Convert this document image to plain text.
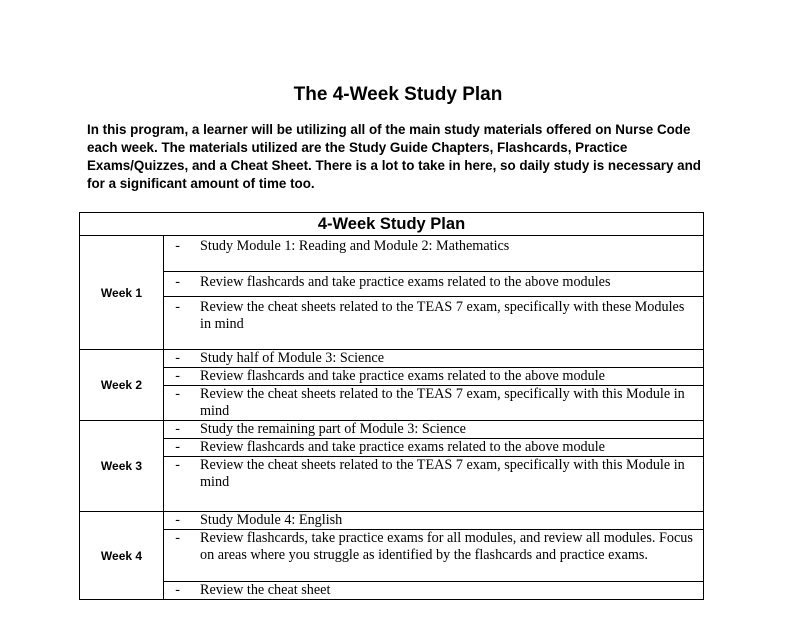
The 4-Week Study Plan
In this program, a learner will be utilizing all of the main study materials offered on Nurse Code each week. The materials utilized are the Study Guide Chapters, Flashcards, Practice Exams/Quizzes, and a Cheat Sheet. There is a lot to take in here, so daily study is necessary and for a significant amount of time too.
4-Week Study Plan	
Week 1	- Study Module 1: Reading and Module 2: Mathematics

	- Review flashcards and take practice exams related to the above modules

	- Review the cheat sheets related to the TEAS 7 exam, specifically with these Modules in mind

Week 2	- Study half of Module 3: Science

	- Review flashcards and take practice exams related to the above module

	- Review the cheat sheets related to the TEAS 7 exam, specifically with this Module in mind

Week 3	- Study the remaining part of Module 3: Science

	- Review flashcards and take practice exams related to the above module

	- Review the cheat sheets related to the TEAS 7 exam, specifically with this Module in mind

Week 4	- Study Module 4: English

	- Review flashcards, take practice exams for all modules, and review all modules. Focus on areas where you struggle as identified by the flashcards and practice exams.

	- Review the cheat sheet
